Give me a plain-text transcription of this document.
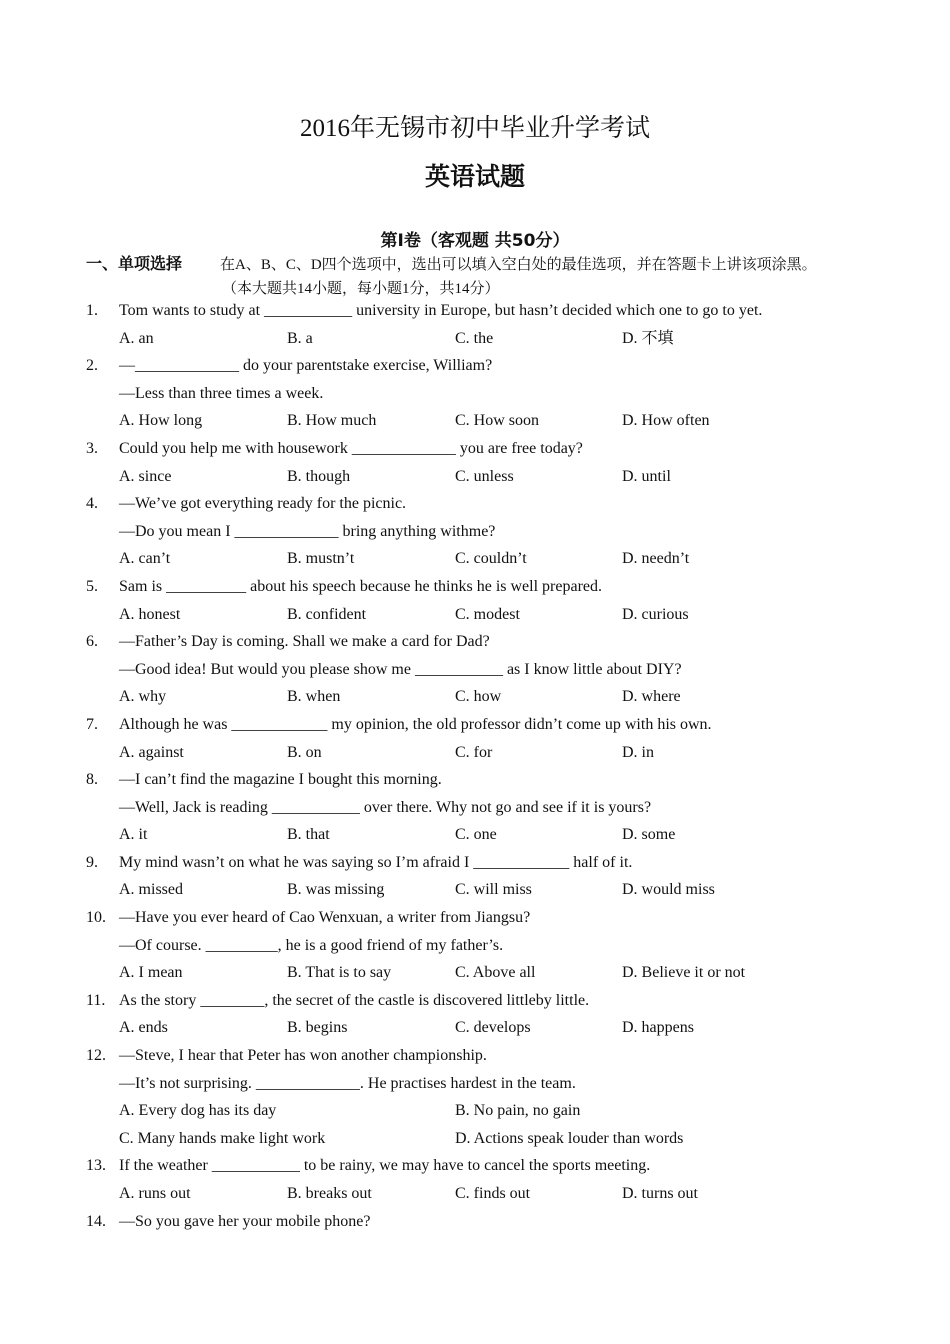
2016年无锡市初中毕业升学考试
英语试题
第I卷（客观题 共50分）
一、单项选择	在A、B、C、D四个选项中，选出可以填入空白处的最佳选项，并在答题卡上讲该项涂黑。
（本大题共14小题，每小题1分，共14分）
1. Tom wants to study at ___________ university in Europe, but hasn’t decided which one to go to yet.
A. an	B. a	C. the	D. 不填
2. —_____________ do your parentstake exercise, William?
—Less than three times a week.
A. How long	B. How much	C. How soon	D. How often
3. Could you help me with housework _____________ you are free today?
A. since	B. though	C. unless	D. until
4. —We’ve got everything ready for the picnic.
—Do you mean I _____________ bring anything withme?
A. can’t	B. mustn’t	C. couldn’t	D. needn’t
5. Sam is __________ about his speech because he thinks he is well prepared.
A. honest	B. confident	C. modest	D. curious
6. —Father’s Day is coming. Shall we make a card for Dad?
—Good idea! But would you please show me ___________ as I know little about DIY?
A. why	B. when	C. how	D. where
7. Although he was ____________ my opinion, the old professor didn’t come up with his own.
A. against	B. on	C. for	D. in
8. —I can’t find the magazine I bought this morning.
—Well, Jack is reading ___________ over there. Why not go and see if it is yours?
A. it	B. that	C. one	D. some
9. My mind wasn’t on what he was saying so I’m afraid I ____________ half of it.
A. missed	B. was missing	C. will miss	D. would miss
10. —Have you ever heard of Cao Wenxuan, a writer from Jiangsu?
—Of course. _________, he is a good friend of my father’s.
A. I mean	B. That is to say	C. Above all	D. Believe it or not
11. As the story ________, the secret of the castle is discovered littleby little.
A. ends	B. begins	C. develops	D. happens
12. —Steve, I hear that Peter has won another championship.
—It’s not surprising. _____________. He practises hardest in the team.
A. Every dog has its day	B. No pain, no gain
C. Many hands make light work	D. Actions speak louder than words
13. If the weather ___________ to be rainy, we may have to cancel the sports meeting.
A. runs out	B. breaks out	C. finds out	D. turns out
14. —So you gave her your mobile phone?
